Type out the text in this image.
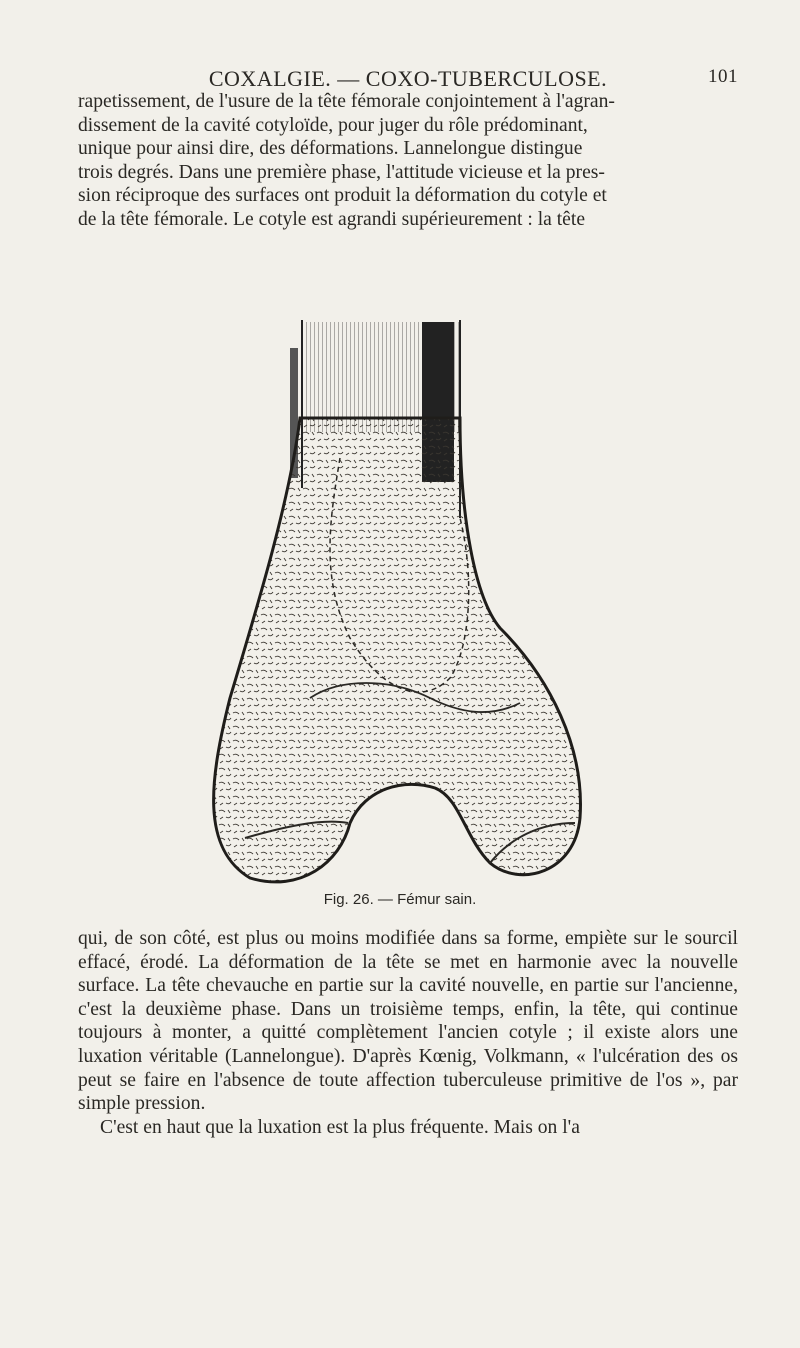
COXALGIE. — COXO-TUBERCULOSE.	101
rapetissement, de l'usure de la tête fémorale conjointement à l'agran-
dissement de la cavité cotyloïde, pour juger du rôle prédominant,
unique pour ainsi dire, des déformations. Lannelongue distingue
trois degrés. Dans une première phase, l'attitude vicieuse et la pres-
sion réciproque des surfaces ont produit la déformation du cotyle et
de la tête fémorale. Le cotyle est agrandi supérieurement : la tête
Fig. 26. — Fémur sain.

qui, de son côté, est plus ou moins modifiée dans sa forme, empiète sur le sourcil effacé, érodé. La déformation de la tête se met en harmonie avec la nouvelle surface. La tête chevauche en partie sur la cavité nouvelle, en partie sur l'ancienne, c'est la deuxième phase. Dans un troisième temps, enfin, la tête, qui continue toujours à monter, a quitté complètement l'ancien cotyle ; il existe alors une luxation véritable (Lannelongue). D'après Kœnig, Volkmann, « l'ulcération des os peut se faire en l'absence de toute affection tuberculeuse primitive de l'os », par simple pression.

C'est en haut que la luxation est la plus fréquente. Mais on l'a
